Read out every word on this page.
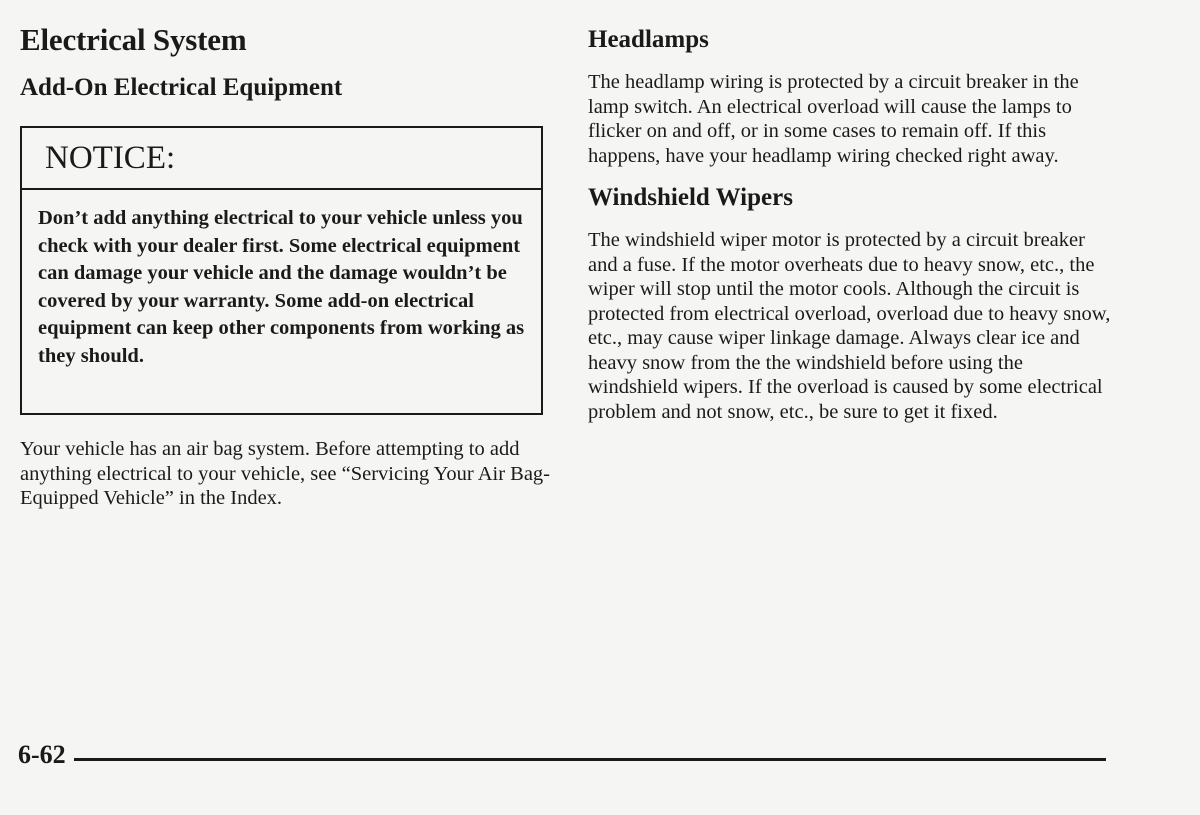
Electrical System
Add-On Electrical Equipment
NOTICE:
Don’t add anything electrical to your vehicle unless you check with your dealer first. Some electrical equipment can damage your vehicle and the damage wouldn’t be covered by your warranty. Some add-on electrical equipment can keep other components from working as they should.

Your vehicle has an air bag system. Before attempting to add anything electrical to your vehicle, see “Servicing Your Air Bag-Equipped Vehicle” in the Index.

Headlamps

The headlamp wiring is protected by a circuit breaker in the lamp switch. An electrical overload will cause the lamps to flicker on and off, or in some cases to remain off. If this happens, have your headlamp wiring checked right away.

Windshield Wipers

The windshield wiper motor is protected by a circuit breaker and a fuse. If the motor overheats due to heavy snow, etc., the wiper will stop until the motor cools. Although the circuit is protected from electrical overload, overload due to heavy snow, etc., may cause wiper linkage damage. Always clear ice and heavy snow from the the windshield before using the windshield wipers. If the overload is caused by some electrical problem and not snow, etc., be sure to get it fixed.

6-62
